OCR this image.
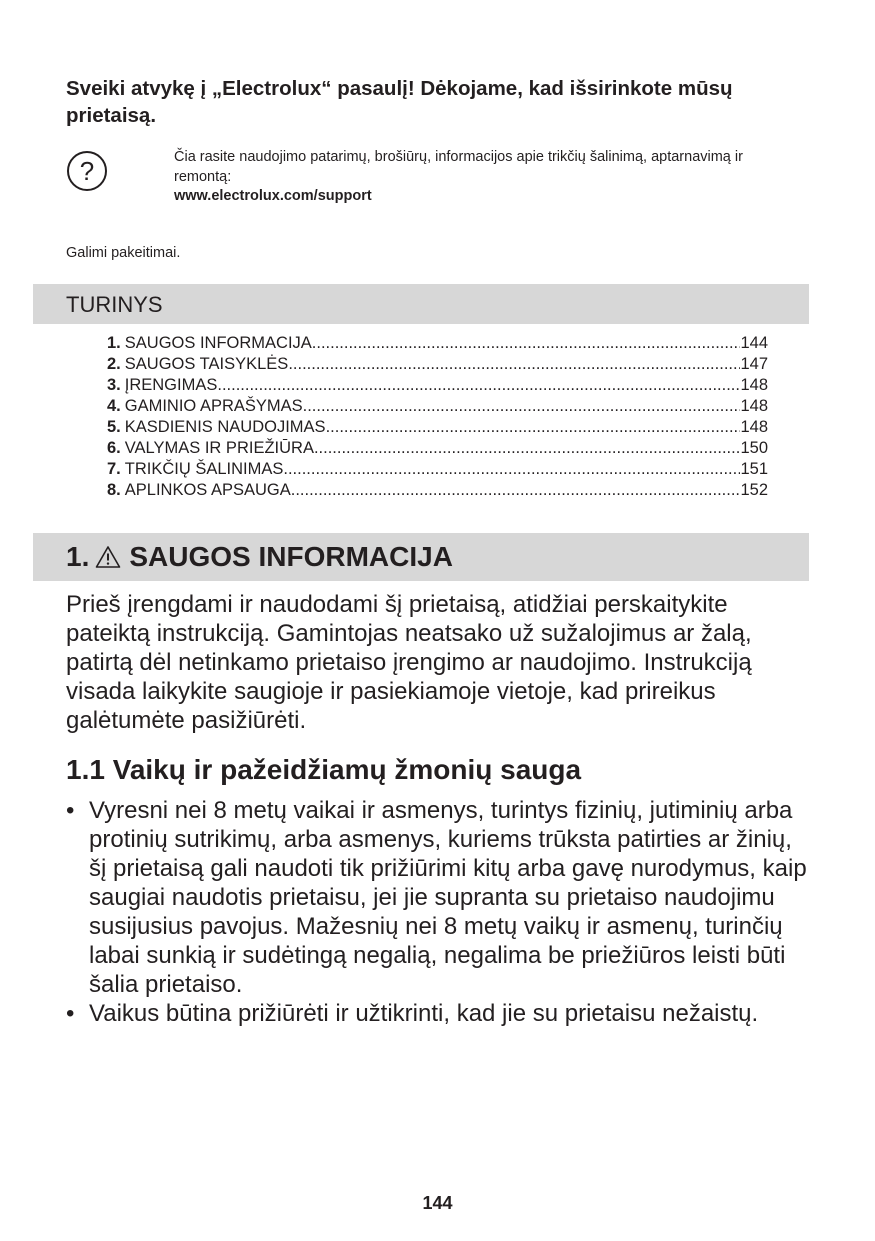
Sveiki atvykę į „Electrolux“ pasaulį! Dėkojame, kad išsirinkote mūsų prietaisą.
?	Čia rasite naudojimo patarimų, brošiūrų, informacijos apie trikčių šalinimą, aptarnavimą ir remontą:
www.electrolux.com/support
Galimi pakeitimai.
TURINYS
1. SAUGOS INFORMACIJA .....	144
2. SAUGOS TAISYKLĖS .....	147
3. ĮRENGIMAS .....	148
4. GAMINIO APRAŠYMAS .....	148
5. KASDIENIS NAUDOJIMAS .....	148
6. VALYMAS IR PRIEŽIŪRA .....	150
7. TRIKČIŲ ŠALINIMAS .....	151
8. APLINKOS APSAUGA .....	152
1. SAUGOS INFORMACIJA
Prieš įrengdami ir naudodami šį prietaisą, atidžiai perskaitykite pateiktą instrukciją. Gamintojas neatsako už sužalojimus ar žalą, patirtą dėl netinkamo prietaiso įrengimo ar naudojimo. Instrukciją visada laikykite saugioje ir pasiekiamoje vietoje, kad prireikus galėtumėte pasižiūrėti.
1.1 Vaikų ir pažeidžiamų žmonių sauga
• Vyresni nei 8 metų vaikai ir asmenys, turintys fizinių, jutiminių arba protinių sutrikimų, arba asmenys, kuriems trūksta patirties ar žinių, šį prietaisą gali naudoti tik prižiūrimi kitų arba gavę nurodymus, kaip saugiai naudotis prietaisu, jei jie supranta su prietaiso naudojimu susijusius pavojus. Mažesnių nei 8 metų vaikų ir asmenų, turinčių labai sunkią ir sudėtingą negalią, negalima be priežiūros leisti būti šalia prietaiso.
• Vaikus būtina prižiūrėti ir užtikrinti, kad jie su prietaisu nežaistų.
144
